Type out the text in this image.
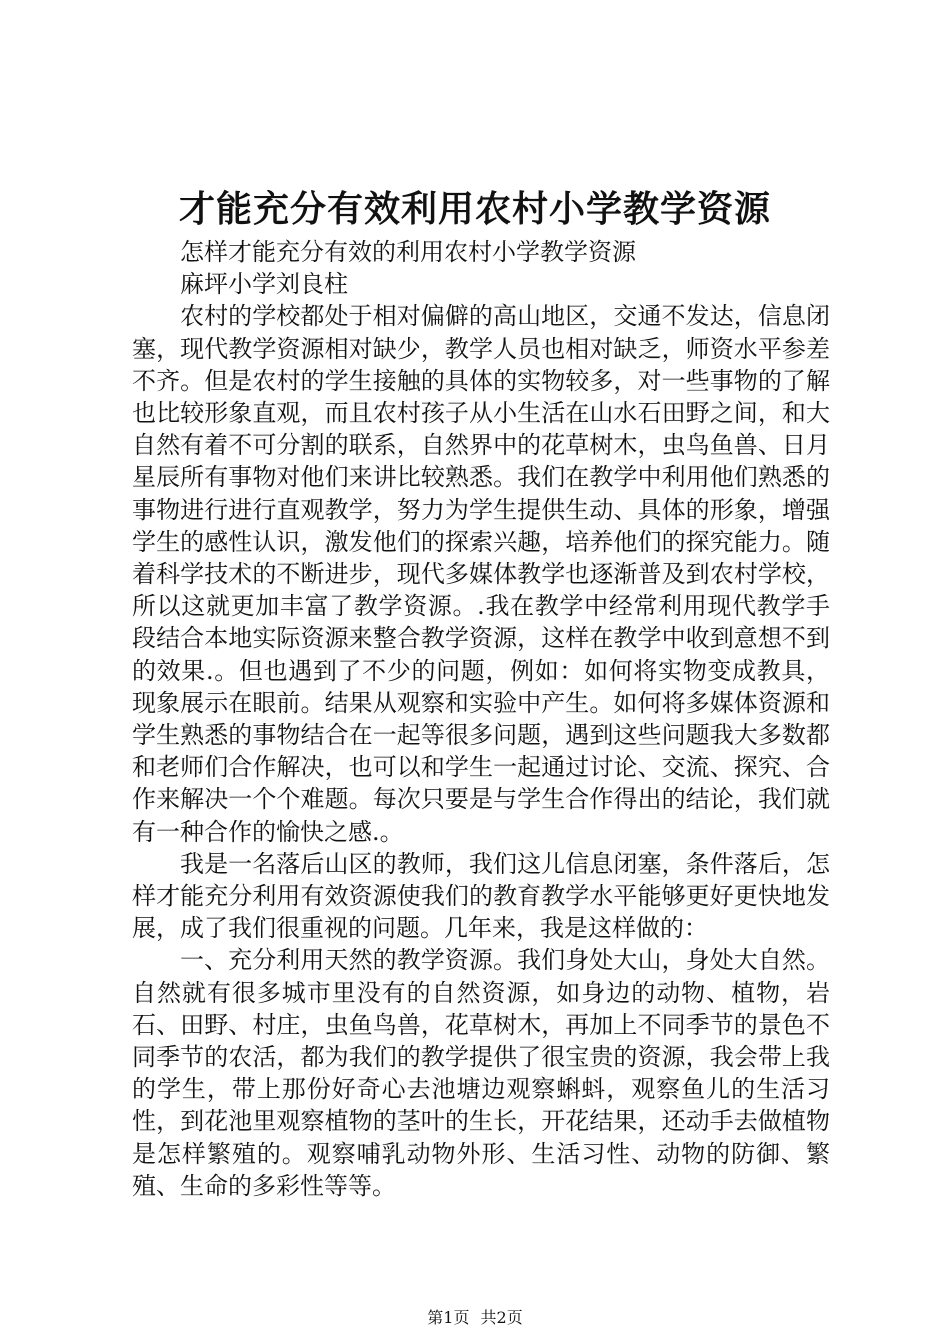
才能充分有效利用农村小学教学资源

怎样才能充分有效的利用农村小学教学资源

麻坪小学刘良柱

农村的学校都处于相对偏僻的高山地区，交通不发达，信息闭塞，现代教学资源相对缺少，教学人员也相对缺乏，师资水平参差不齐。但是农村的学生接触的具体的实物较多，对一些事物的了解也比较形象直观，而且农村孩子从小生活在山水石田野之间，和大自然有着不可分割的联系，自然界中的花草树木，虫鸟鱼兽、日月星辰所有事物对他们来讲比较熟悉。我们在教学中利用他们熟悉的事物进行进行直观教学，努力为学生提供生动、具体的形象，增强学生的感性认识，激发他们的探索兴趣，培养他们的探究能力。随着科学技术的不断进步，现代多媒体教学也逐渐普及到农村学校，所以这就更加丰富了教学资源。.我在教学中经常利用现代教学手段结合本地实际资源来整合教学资源，这样在教学中收到意想不到的效果.。但也遇到了不少的问题，例如：如何将实物变成教具，现象展示在眼前。结果从观察和实验中产生。如何将多媒体资源和学生熟悉的事物结合在一起等很多问题，遇到这些问题我大多数都和老师们合作解决，也可以和学生一起通过讨论、交流、探究、合作来解决一个个难题。每次只要是与学生合作得出的结论，我们就有一种合作的愉快之感.。

我是一名落后山区的教师，我们这儿信息闭塞，条件落后，怎样才能充分利用有效资源使我们的教育教学水平能够更好更快地发展，成了我们很重视的问题。几年来，我是这样做的：

一、充分利用天然的教学资源。我们身处大山，身处大自然。自然就有很多城市里没有的自然资源，如身边的动物、植物，岩石、田野、村庄，虫鱼鸟兽，花草树木，再加上不同季节的景色不同季节的农活，都为我们的教学提供了很宝贵的资源，我会带上我的学生，带上那份好奇心去池塘边观察蝌蚪，观察鱼儿的生活习性，到花池里观察植物的茎叶的生长，开花结果，还动手去做植物是怎样繁殖的。观察哺乳动物外形、生活习性、动物的防御、繁殖、生命的多彩性等等。

第1页 共2页
